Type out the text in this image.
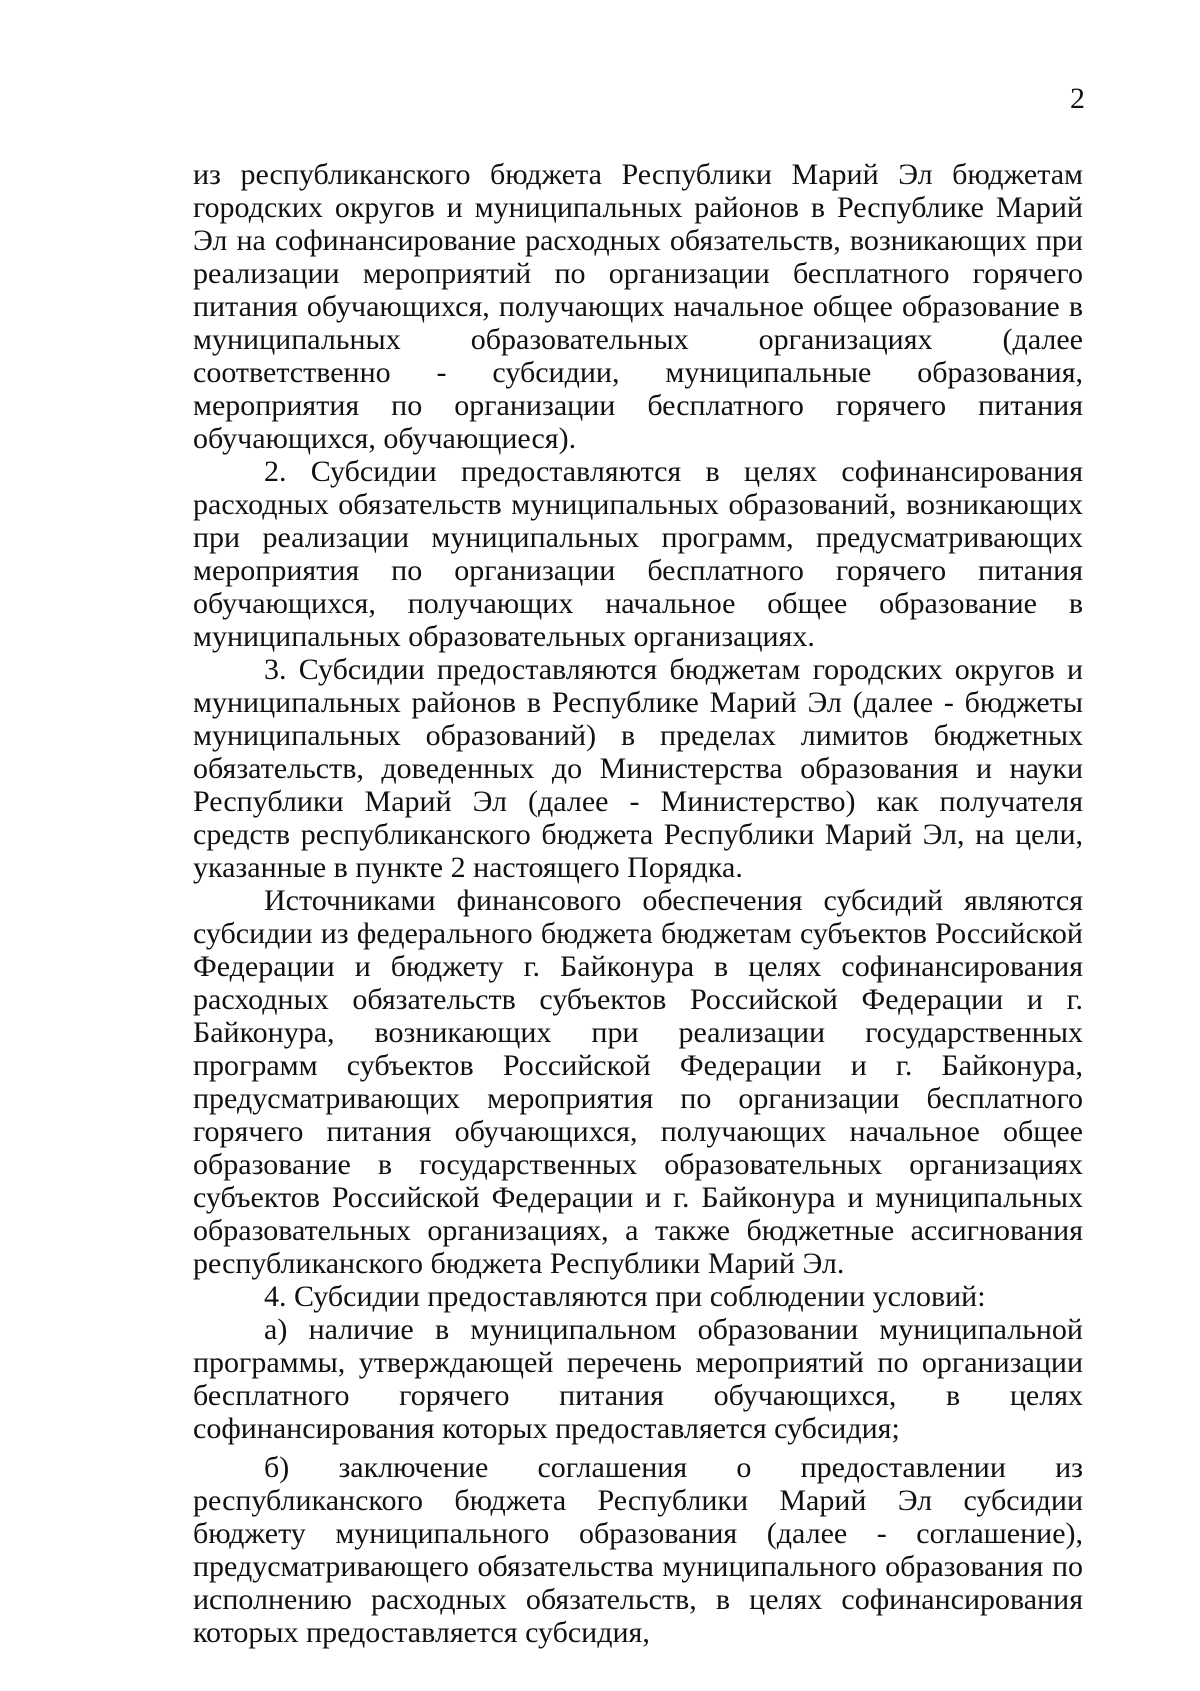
2

из республиканского бюджета Республики Марий Эл бюджетам городских округов и муниципальных районов в Республике Марий Эл на софинансирование расходных обязательств, возникающих при реализации мероприятий по организации бесплатного горячего питания обучающихся, получающих начальное общее образование в муниципальных образовательных организациях (далее соответственно - субсидии, муниципальные образования, мероприятия по организации бесплатного горячего питания обучающихся, обучающиеся).

2. Субсидии предоставляются в целях софинансирования расходных обязательств муниципальных образований, возникающих при реализации муниципальных программ, предусматривающих мероприятия по организации бесплатного горячего питания обучающихся, получающих начальное общее образование в муниципальных образовательных организациях.

3. Субсидии предоставляются бюджетам городских округов и муниципальных районов в Республике Марий Эл (далее - бюджеты муниципальных образований) в пределах лимитов бюджетных обязательств, доведенных до Министерства образования и науки Республики Марий Эл (далее - Министерство) как получателя средств республиканского бюджета Республики Марий Эл, на цели, указанные в пункте 2 настоящего Порядка.

Источниками финансового обеспечения субсидий являются субсидии из федерального бюджета бюджетам субъектов Российской Федерации и бюджету г. Байконура в целях софинансирования расходных обязательств субъектов Российской Федерации и г. Байконура, возникающих при реализации государственных программ субъектов Российской Федерации и г. Байконура, предусматривающих мероприятия по организации бесплатного горячего питания обучающихся, получающих начальное общее образование в государственных образовательных организациях субъектов Российской Федерации и г. Байконура и муниципальных образовательных организациях, а также бюджетные ассигнования республиканского бюджета Республики Марий Эл.

4. Субсидии предоставляются при соблюдении условий:

а) наличие в муниципальном образовании муниципальной программы, утверждающей перечень мероприятий по организации бесплатного горячего питания обучающихся, в целях софинансирования которых предоставляется субсидия;

б) заключение соглашения о предоставлении из республиканского бюджета Республики Марий Эл субсидии бюджету муниципального образования (далее - соглашение), предусматривающего обязательства муниципального образования по исполнению расходных обязательств, в целях софинансирования которых предоставляется субсидия,
